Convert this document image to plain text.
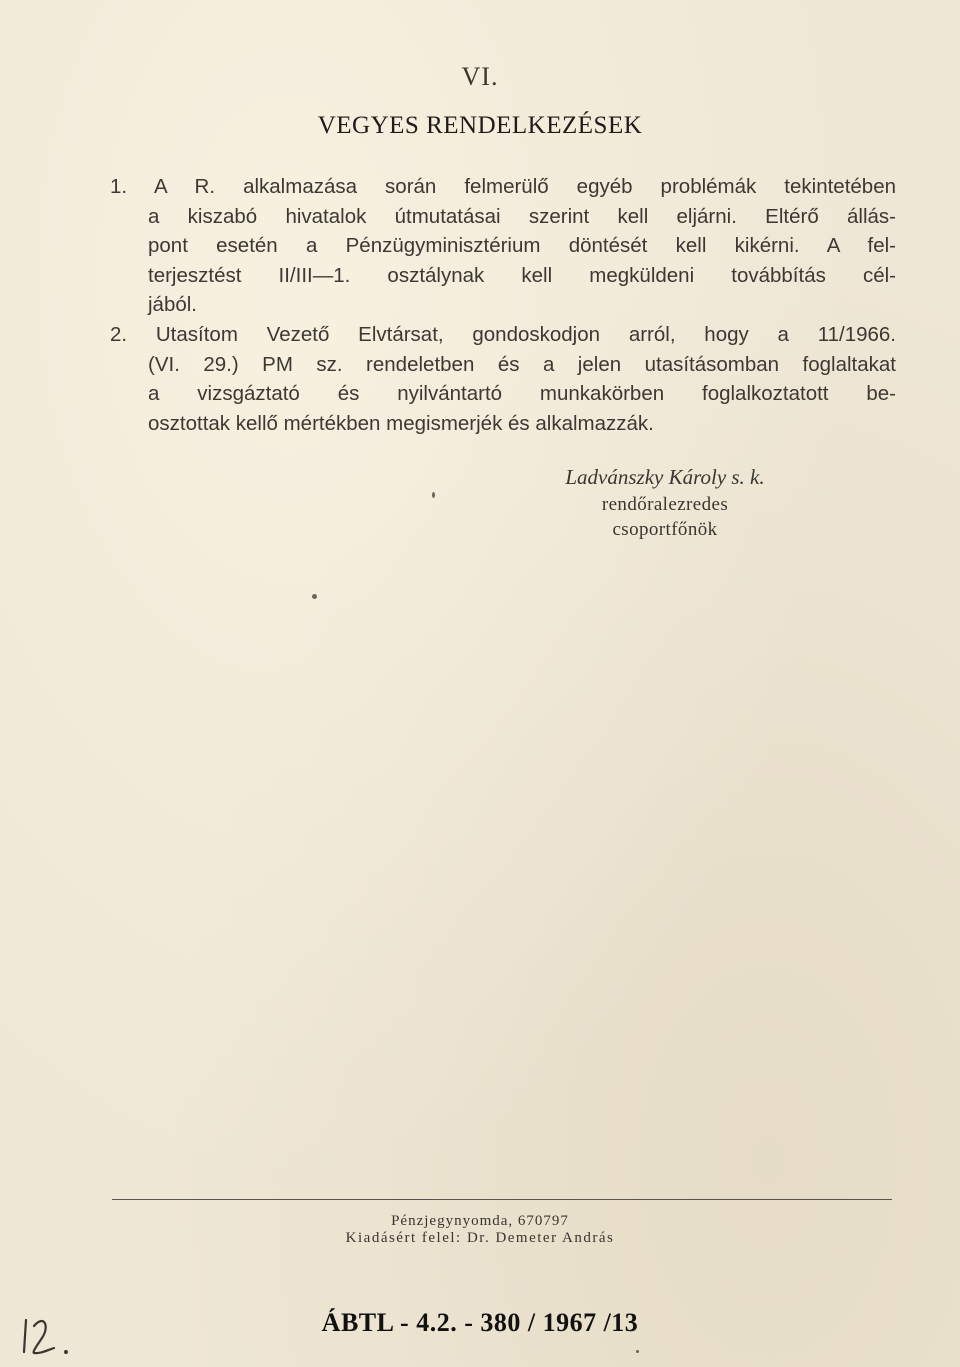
VI.
VEGYES RENDELKEZÉSEK
1. A R. alkalmazása során felmerülő egyéb problémák tekintetében
a kiszabó hivatalok útmutatásai szerint kell eljárni. Eltérő állás-
pont esetén a Pénzügyminisztérium döntését kell kikérni. A fel-
terjesztést II/III—1. osztálynak kell megküldeni továbbítás cél-
jából.
2. Utasítom Vezető Elvtársat, gondoskodjon arról, hogy a 11/1966.
(VI. 29.) PM sz. rendeletben és a jelen utasításomban foglaltakat
a vizsgáztató és nyilvántartó munkakörben foglalkoztatott be-
osztottak kellő mértékben megismerjék és alkalmazzák.
Ladvánszky Károly s. k.
rendőralezredes
csoportfőnök
Pénzjegynyomda, 670797
Kiadásért felel: Dr. Demeter András
ÁBTL - 4.2. - 380 / 1967 /13
